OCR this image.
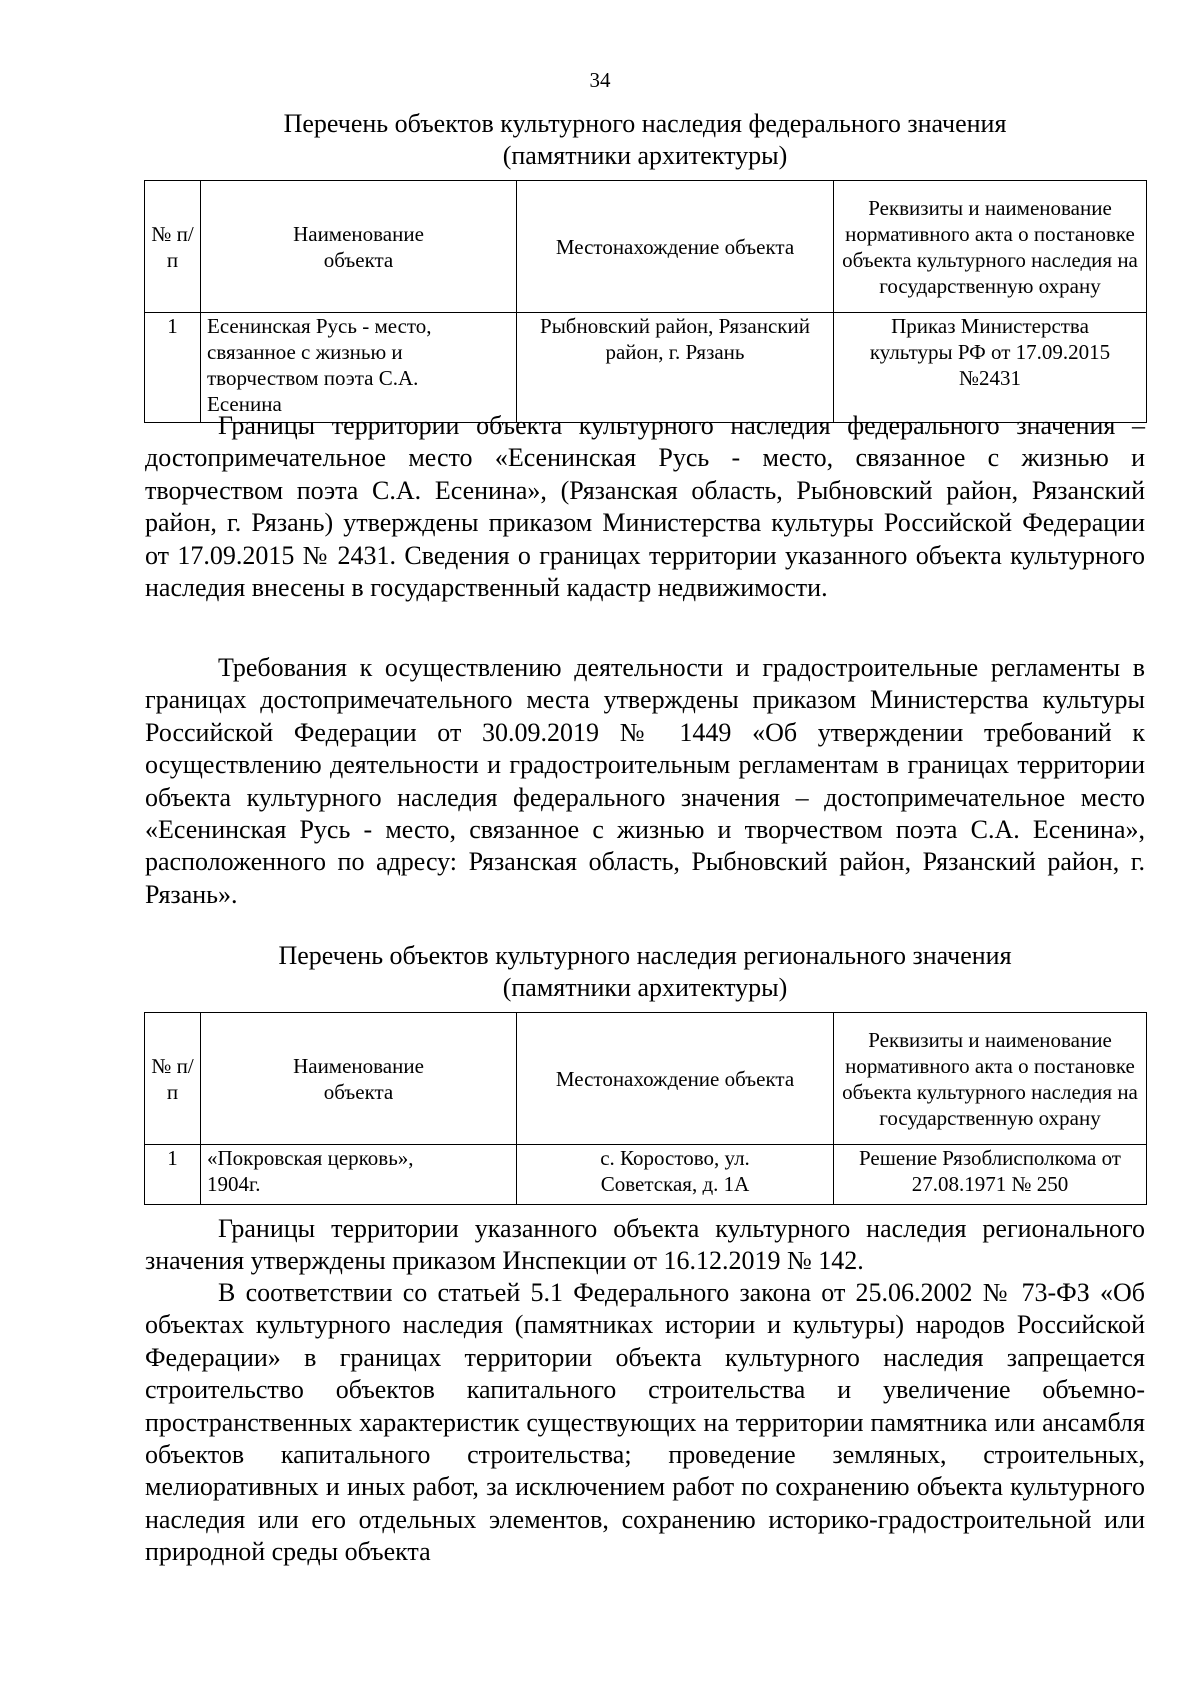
34
Перечень объектов культурного наследия федерального значения
(памятники архитектуры)
№ п/п	Наименование объекта	Местонахождение объекта	Реквизиты и наименование нормативного акта о постановке объекта культурного наследия на государственную охрану
1	Есенинская Русь - место, связанное с жизнью и творчеством поэта С.А. Есенина	Рыбновский район, Рязанский район, г. Рязань	Приказ Министерства культуры РФ от 17.09.2015 №2431

Границы территории объекта культурного наследия федерального значения – достопримечательное место «Есенинская Русь - место, связанное с жизнью и творчеством поэта С.А. Есенина», (Рязанская область, Рыбновский район, Рязанский район, г. Рязань) утверждены приказом Министерства культуры Российской Федерации от 17.09.2015 № 2431. Сведения о границах территории указанного объекта культурного наследия внесены в государственный кадастр недвижимости.

Требования к осуществлению деятельности и градостроительные регламенты в границах достопримечательного места утверждены приказом Министерства культуры Российской Федерации от 30.09.2019 № 1449 «Об утверждении требований к осуществлению деятельности и градостроительным регламентам в границах территории объекта культурного наследия федерального значения – достопримечательное место «Есенинская Русь - место, связанное с жизнью и творчеством поэта С.А. Есенина», расположенного по адресу: Рязанская область, Рыбновский район, Рязанский район, г. Рязань».

Перечень объектов культурного наследия регионального значения
(памятники архитектуры)
№ п/п	Наименование объекта	Местонахождение объекта	Реквизиты и наименование нормативного акта о постановке объекта культурного наследия на государственную охрану
1	«Покровская церковь», 1904г.	с. Коростово, ул. Советская, д. 1А	Решение Рязоблисполкома от 27.08.1971 № 250

Границы территории указанного объекта культурного наследия регионального значения утверждены приказом Инспекции от 16.12.2019 № 142.

В соответствии со статьей 5.1 Федерального закона от 25.06.2002 № 73-ФЗ «Об объектах культурного наследия (памятниках истории и культуры) народов Российской Федерации» в границах территории объекта культурного наследия запрещается строительство объектов капитального строительства и увеличение объемно-пространственных характеристик существующих на территории памятника или ансамбля объектов капитального строительства; проведение земляных, строительных, мелиоративных и иных работ, за исключением работ по сохранению объекта культурного наследия или его отдельных элементов, сохранению историко-градостроительной или природной среды объекта
